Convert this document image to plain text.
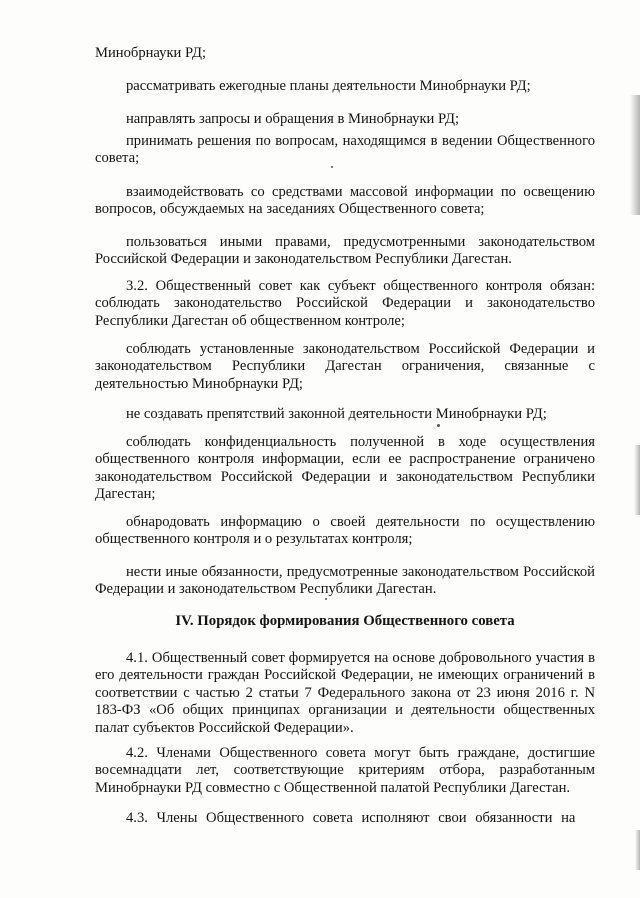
Минобрнауки РД;
рассматривать ежегодные планы деятельности Минобрнауки РД;
направлять запросы и обращения в Минобрнауки РД;

принимать решения по вопросам, находящимся в ведении Общественного совета;

взаимодействовать со средствами массовой информации по освещению вопросов, обсуждаемых на заседаниях Общественного совета;

пользоваться иными правами, предусмотренными законодательством Российской Федерации и законодательством Республики Дагестан.

3.2. Общественный совет как субъект общественного контроля обязан: соблюдать законодательство Российской Федерации и законодательство Республики Дагестан об общественном контроле;

соблюдать установленные законодательством Российской Федерации и законодательством Республики Дагестан ограничения, связанные с деятельностью Минобрнауки РД;

не создавать препятствий законной деятельности Минобрнауки РД;

соблюдать конфиденциальность полученной в ходе осуществления общественного контроля информации, если ее распространение ограничено законодательством Российской Федерации и законодательством Республики Дагестан;

обнародовать информацию о своей деятельности по осуществлению общественного контроля и о результатах контроля;

нести иные обязанности, предусмотренные законодательством Российской Федерации и законодательством Республики Дагестан.

IV. Порядок формирования Общественного совета

4.1. Общественный совет формируется на основе добровольного участия в его деятельности граждан Российской Федерации, не имеющих ограничений в соответствии с частью 2 статьи 7 Федерального закона от 23 июня 2016 г. N 183-ФЗ «Об общих принципах организации и деятельности общественных палат субъектов Российской Федерации».

4.2. Членами Общественного совета могут быть граждане, достигшие восемнадцати лет, соответствующие критериям отбора, разработанным Минобрнауки РД совместно с Общественной палатой Республики Дагестан.

4.3. Члены Общественного совета исполняют свои обязанности на
